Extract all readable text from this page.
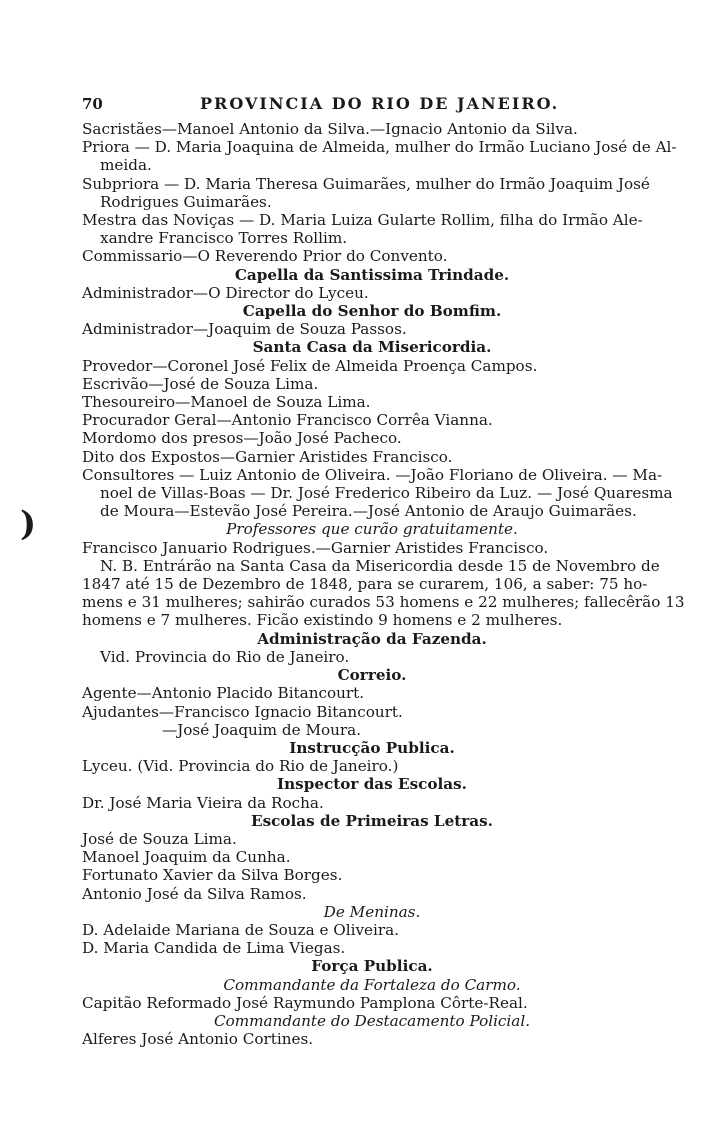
70	PROVINCIA DO RIO DE JANEIRO.
)
Sacristães—Manoel Antonio da Silva.—Ignacio Antonio da Silva.
Priora — D. Maria Joaquina de Almeida, mulher do Irmão Luciano José de Al-
meida.
Subpriora — D. Maria Theresa Guimarães, mulher do Irmão Joaquim José
Rodrigues Guimarães.
Mestra das Noviças — D. Maria Luiza Gularte Rollim, filha do Irmão Ale-
xandre Francisco Torres Rollim.
Commissario—O Reverendo Prior do Convento.
Capella da Santissima Trindade.
Administrador—O Director do Lyceu.
Capella do Senhor do Bomfim.
Administrador—Joaquim de Souza Passos.
Santa Casa da Misericordia.
Provedor—Coronel José Felix de Almeida Proença Campos.
Escrivão—José de Souza Lima.
Thesoureiro—Manoel de Souza Lima.
Procurador Geral—Antonio Francisco Corrêa Vianna.
Mordomo dos presos—João José Pacheco.
Dito dos Expostos—Garnier Aristides Francisco.
Consultores — Luiz Antonio de Oliveira. —João Floriano de Oliveira. — Ma-
noel de Villas-Boas — Dr. José Frederico Ribeiro da Luz. — José Quaresma
de Moura—Estevão José Pereira.—José Antonio de Araujo Guimarães.
Professores que curão gratuitamente.
Francisco Januario Rodrigues.—Garnier Aristides Francisco.
N. B. Entrárão na Santa Casa da Misericordia desde 15 de Novembro de
1847 até 15 de Dezembro de 1848, para se curarem, 106, a saber: 75 ho-
mens e 31 mulheres; sahirão curados 53 homens e 22 mulheres; fallecêrão 13
homens e 7 mulheres. Ficão existindo 9 homens e 2 mulheres.
Administração da Fazenda.
Vid. Provincia do Rio de Janeiro.
Correio.
Agente—Antonio Placido Bitancourt.
Ajudantes—Francisco Ignacio Bitancourt.
—José Joaquim de Moura.
Instrucção Publica.
Lyceu. (Vid. Provincia do Rio de Janeiro.)
Inspector das Escolas.
Dr. José Maria Vieira da Rocha.
Escolas de Primeiras Letras.
José de Souza Lima.
Manoel Joaquim da Cunha.
Fortunato Xavier da Silva Borges.
Antonio José da Silva Ramos.
De Meninas.
D. Adelaide Mariana de Souza e Oliveira.
D. Maria Candida de Lima Viegas.
Força Publica.
Commandante da Fortaleza do Carmo.
Capitão Reformado José Raymundo Pamplona Côrte-Real.
Commandante do Destacamento Policial.
Alferes José Antonio Cortines.
